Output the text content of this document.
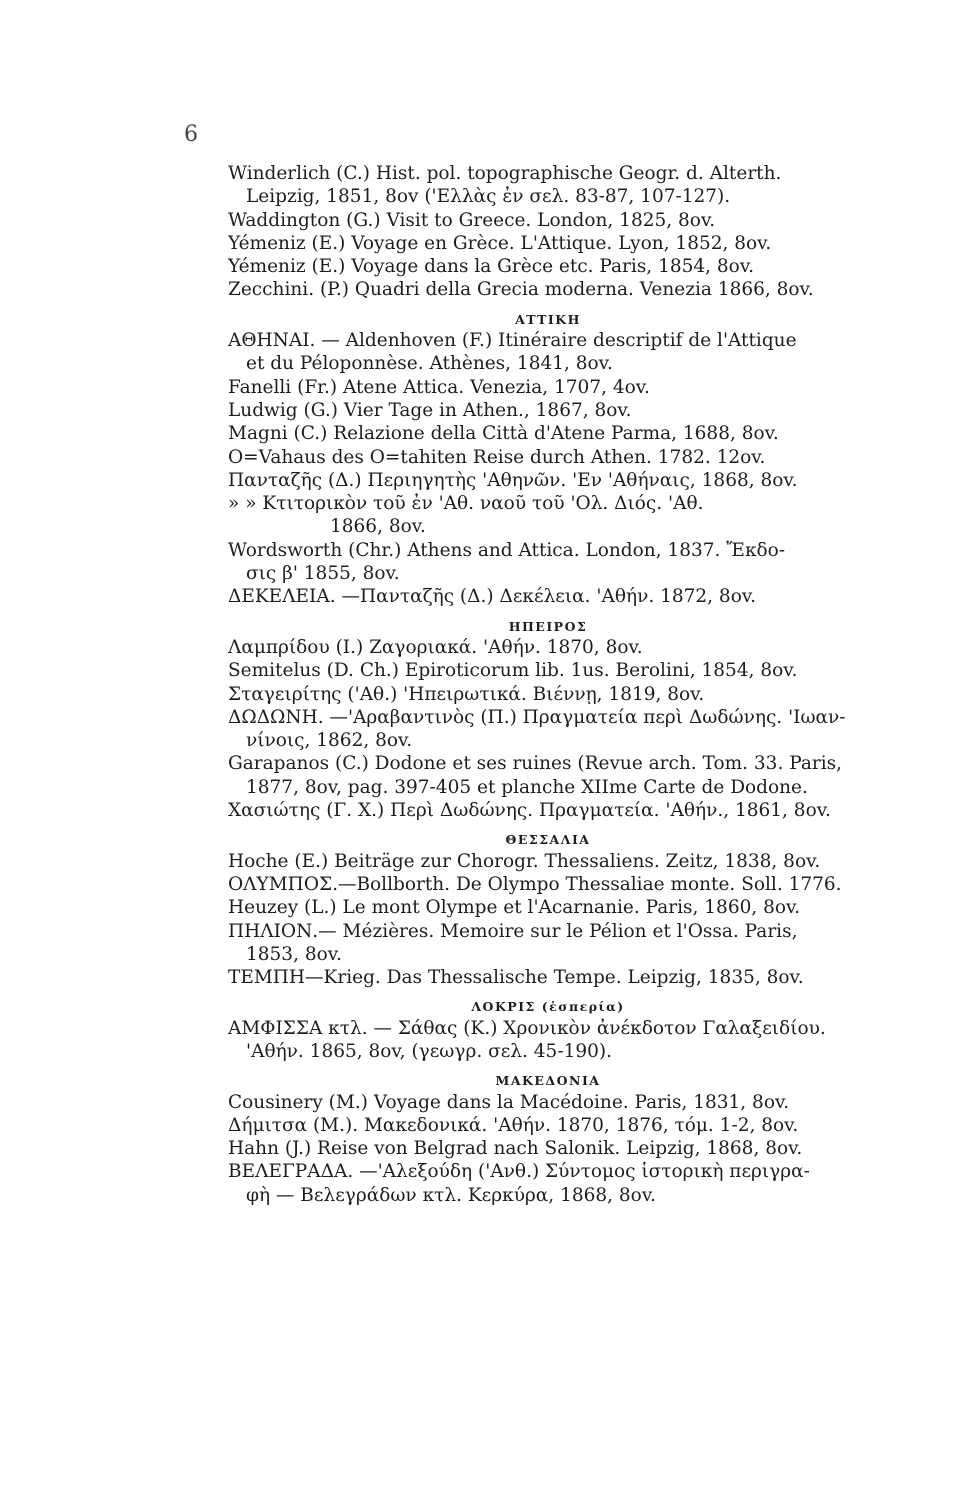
6
Winderlich (C.) Hist. pol. topographische Geogr. d. Alterth.
Leipzig, 1851, 8ov ('Ελλὰς ἐν σελ. 83-87, 107-127).
Waddington (G.) Visit to Greece. London, 1825, 8ov.
Yémeniz (E.) Voyage en Grèce. L'Attique. Lyon, 1852, 8ov.
Yémeniz (E.) Voyage dans la Grèce etc. Paris, 1854, 8ov.
Zecchini. (P.) Quadri della Grecia moderna. Venezia 1866, 8ov.
ΑΤΤΙΚΗ
ΑΘΗΝΑΙ. — Aldenhoven (F.) Itinéraire descriptif de l'Attique
et du Péloponnèse. Athènes, 1841, 8ov.
Fanelli (Fr.) Atene Attica. Venezia, 1707, 4ov.
Ludwig (G.) Vier Tage in Athen., 1867, 8ov.
Magni (C.) Relazione della Città d'Atene Parma, 1688, 8ov.
O=Vahaus des O=tahiten Reise durch Athen. 1782. 12ov.
Πανταζῆς (Δ.) Περιηγητὴς 'Αθηνῶν. 'Εν 'Αθήναις, 1868, 8ov.
» » Κτιτορικὸν τοῦ ἐν 'Αθ. ναοῦ τοῦ 'Ολ. Διός. 'Αθ.
1866, 8ov.
Wordsworth (Chr.) Athens and Attica. London, 1837. Ἔκδο-
σις β' 1855, 8ov.
ΔΕΚΕΛΕΙΑ. —Πανταζῆς (Δ.) Δεκέλεια. 'Αθήν. 1872, 8ov.
ΗΠΕΙΡΟΣ
Λαμπρίδου (Ι.) Ζαγοριακά. 'Αθήν. 1870, 8ov.
Semitelus (D. Ch.) Epiroticorum lib. 1us. Berolini, 1854, 8ov.
Σταγειρίτης ('Αθ.) 'Ηπειρωτικά. Βιέννῃ, 1819, 8ov.
ΔΩΔΩΝΗ. —'Αραβαντινὸς (Π.) Πραγματεία περὶ Δωδώνης. 'Ιωαν-
νίνοις, 1862, 8ov.
Garapanos (C.) Dodone et ses ruines (Revue arch. Tom. 33. Paris,
1877, 8ov, pag. 397-405 et planche XIIme Carte de Dodone.
Χασιώτης (Γ. Χ.) Περὶ Δωδώνης. Πραγματεία. 'Αθήν., 1861, 8ov.
ΘΕΣΣΑΛΙΑ
Hoche (E.) Beiträge zur Chorogr. Thessaliens. Zeitz, 1838, 8ov.
ΟΛΥΜΠΟΣ.—Bollborth. De Olympo Thessaliae monte. Soll. 1776.
Heuzey (L.) Le mont Olympe et l'Acarnanie. Paris, 1860, 8ov.
ΠΗΛΙΟΝ.— Mézières. Memoire sur le Pélion et l'Ossa. Paris,
1853, 8ov.
ΤΕΜΠΗ—Krieg. Das Thessalische Tempe. Leipzig, 1835, 8ov.
ΛΟΚΡΙΣ (ἑσπερία)
ΑΜΦΙΣΣΑ κτλ. — Σάθας (Κ.) Χρονικὸν ἀνέκδοτον Γαλαξειδίου.
'Αθήν. 1865, 8ov, (γεωγρ. σελ. 45-190).
ΜΑΚΕΔΟΝΙΑ
Cousinery (M.) Voyage dans la Macédoine. Paris, 1831, 8ov.
Δήμιτσα (Μ.). Μακεδονικά. 'Αθήν. 1870, 1876, τόμ. 1-2, 8ov.
Hahn (J.) Reise von Belgrad nach Salonik. Leipzig, 1868, 8ov.
ΒΕΛΕΓΡΑΔΑ. —'Αλεξούδη ('Ανθ.) Σύντομος ἱστορικὴ περιγρα-
φὴ — Βελεγράδων κτλ. Κερκύρα, 1868, 8ov.
